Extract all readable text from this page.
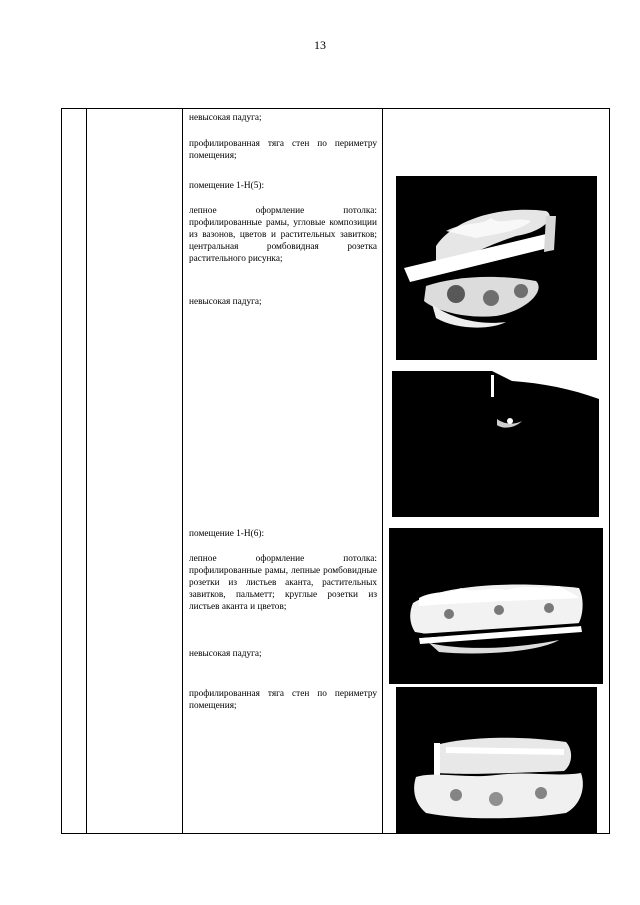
13

невысокая падуга;
профилированная тяга стен по периметру помещения;
помещение 1-Н(5):
лепное оформление потолка: профилированные рамы, угловые композиции из вазонов, цветов и растительных завитков; центральная ромбовидная розетка растительного рисунка;
невысокая падуга;
помещение 1-Н(6):
лепное оформление потолка: профилированные рамы, лепные ромбовидные розетки из листьев аканта, растительных завитков, пальметт; круглые розетки из листьев аканта и цветов;
невысокая падуга;
профилированная тяга стен по периметру помещения;
